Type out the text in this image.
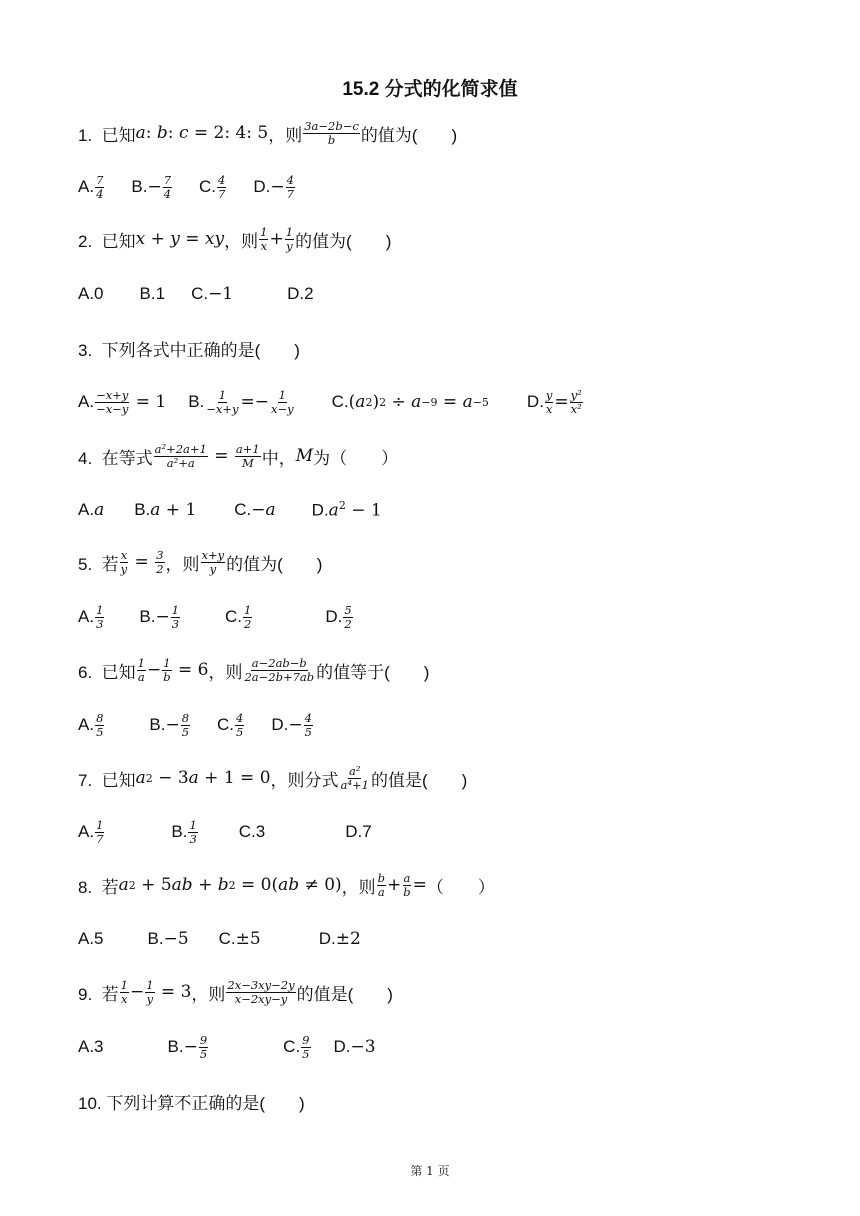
15.2 分式的化简求值
1.  已知 a : b : c = 2: 4: 5 ，则 $\frac{3a-2b-c}{b}$ 的值为(　　)
A. $\frac{7}{4} B$. − $\frac{7}{4} C$. $\frac{4}{7} D$. − $\frac{4}{7}$
2.  已知 x + y = xy ，则 $\frac{1}{x} + \frac{1}{y}$ 的值为(　　)
A.0 B.1 C.−1	D.2
3.  下列各式中正确的是(　　)
A. $\frac{-x+y}{-x-y} = 1$ B. $\frac{1}{-x+y} =- \frac{1}{x-y} C$. ( a 2 ) 2 ÷ a −9 = a −5 D. $\frac{y}{x} = \frac{\text{y²}}{\text{x²}}$
4.  在等式 $\frac{\text{a²+2a+1}}{\text{a²+a}} = \frac{a+1}{M}$ 中， M 为（　　）
A.a B.a + 1 C.−a $D.a^2 - 1$
5.  若 $\frac{x}{y} = \frac{3}{2}$ ，则 $\frac{x+y}{y}$ 的值为(　　)
A. $\frac{1}{3} B$. − $\frac{1}{3}$	C. $\frac{1}{2}$	D. $\frac{5}{2}$
6.  已知 $\frac{1}{a} - \frac{1}{b} = 6$ ，则 $\frac{a-2ab-b}{2a-2b+7ab}$ 的值等于(　　)
A. $\frac{8}{5}$	B. − $\frac{8}{5} C$. $\frac{4}{5} D$. − $\frac{4}{5}$
7.  已知 a 2 − 3 a + 1 = 0 ，则分式 $\frac{\text{a²}}{\text{a⁴+1}}$ 的值是(　　)
A. $\frac{1}{7}$	B. $\frac{1}{3} C.3$	D.7
8.  若 a 2 + 5 ab + b 2 = 0( ab ≠ 0) ，则 $\frac{b}{a} + \frac{a}{b}$ = （　　）
A.5	B.−5 C.±5	D.±2
9.  若 $\frac{1}{x} - \frac{1}{y} = 3$ ，则 $\frac{2x-3xy-2y}{x-2xy-y}$ 的值是(　　)
A.3	B. − $\frac{9}{5}$	C. $\frac{9}{5} D$. −3
10. 下列计算不正确的是(　　)
第 1 页
